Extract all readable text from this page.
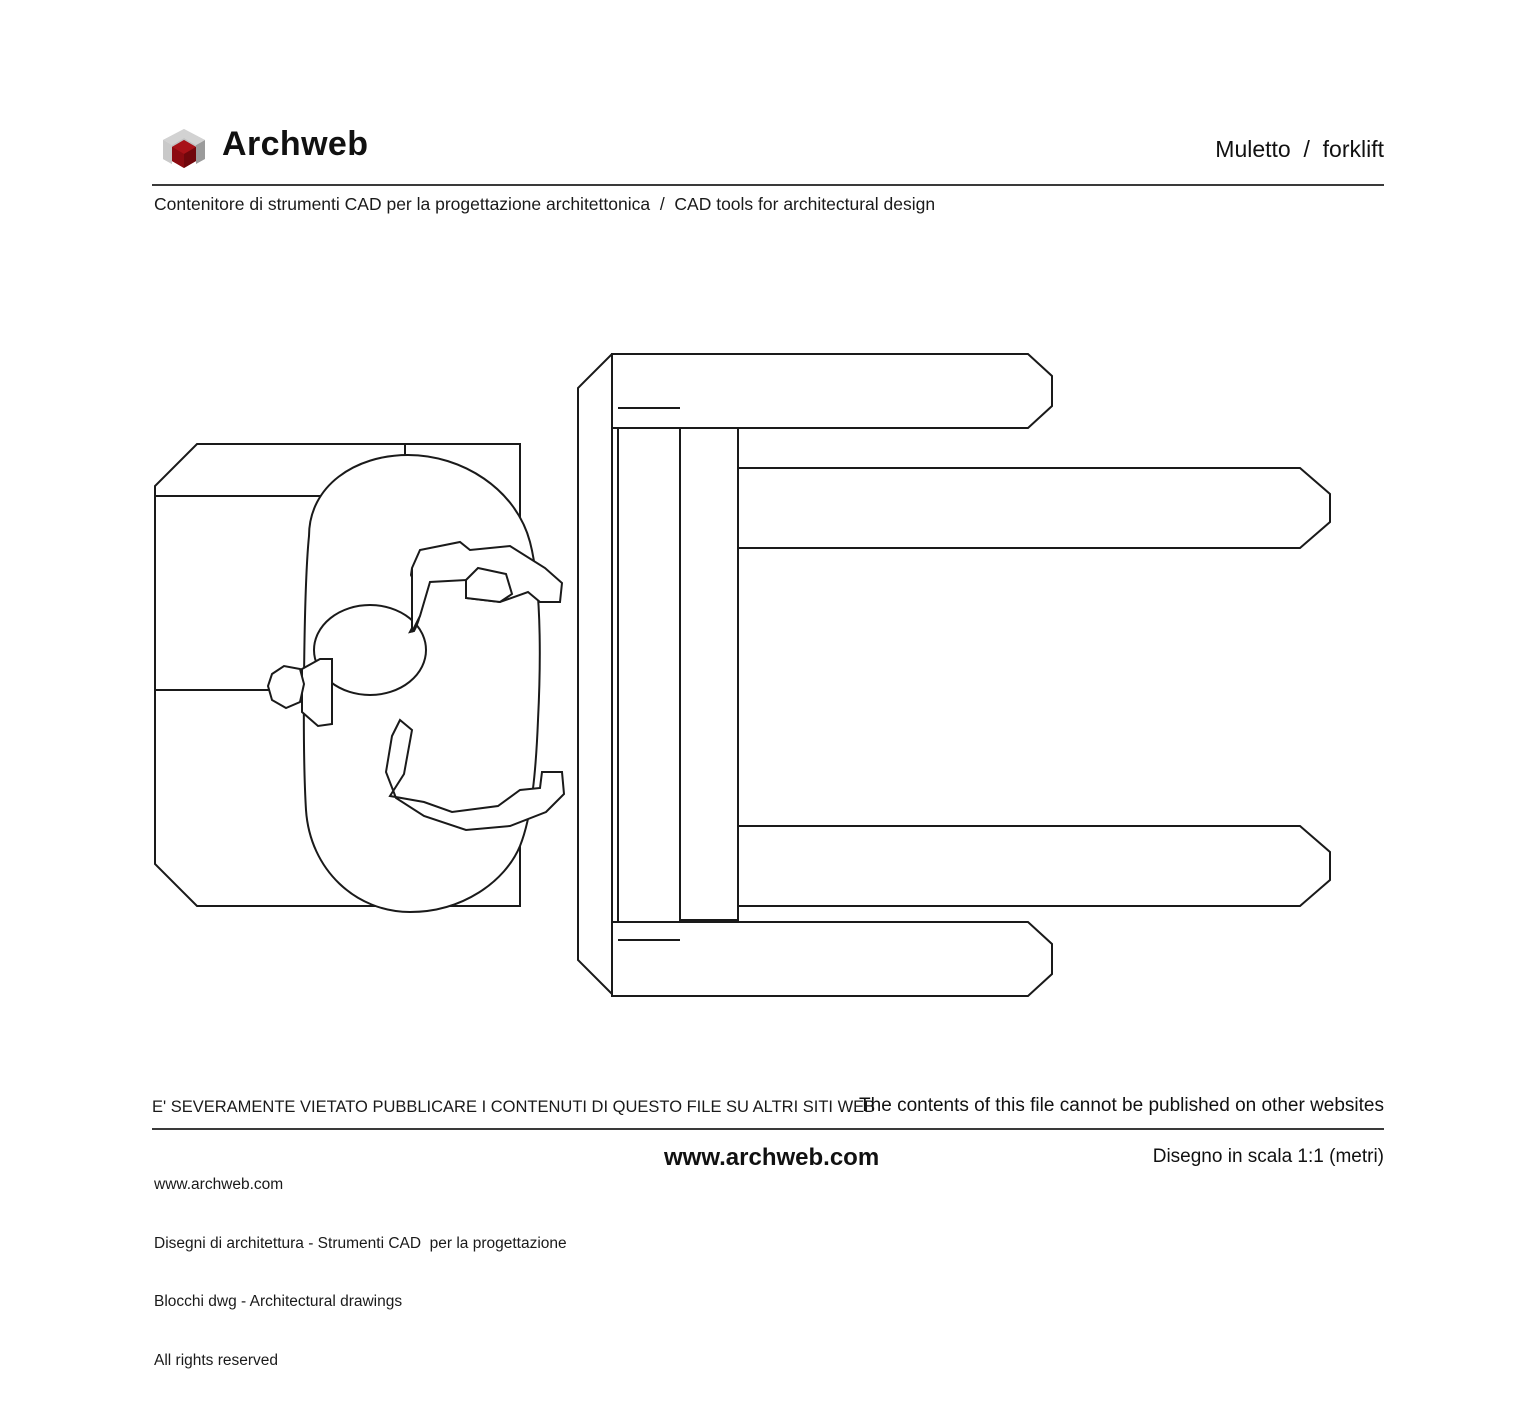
Archweb	Muletto  /  forklift
Contenitore di strumenti CAD per la progettazione architettonica  /  CAD tools for architectural design
E' SEVERAMENTE VIETATO PUBBLICARE I CONTENUTI DI QUESTO FILE SU ALTRI SITI WEB
The contents of this file cannot be published on other websites

www.archweb.com

Disegni di architettura - Strumenti CAD  per la progettazione

Blocchi dwg - Architectural drawings

All rights reserved

www.archweb.com	Disegno in scala 1:1 (metri)
